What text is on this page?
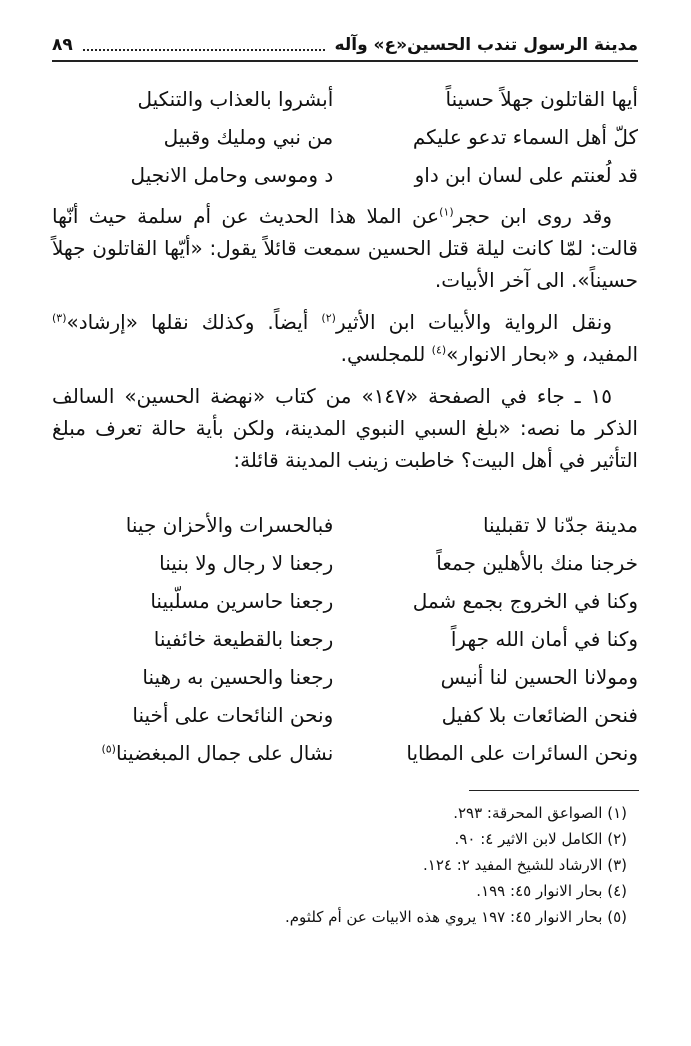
مدينة الرسول تندب الحسين«ع» وآله
٨٩
أيها القاتلون جهلاً حسيناً
أبشروا بالعذاب والتنكيل
كلّ أهل السماء تدعو عليكم
من نبي ومليك وقبيل
قد لُعنتم على لسان ابن داو
د وموسى وحامل الانجيل

وقد روى ابن حجر$^{(١)}$عن الملا هذا الحديث عن أم سلمة حيث أنّها قالت: لمّا كانت ليلة قتل الحسين سمعت قائلاً يقول: «أيّها القاتلون جهلاً حسيناً». الى آخر الأبيات.

ونقل الرواية والأبيات ابن الأثير$^{(٢)}$ أيضاً. وكذلك نقلها «إرشاد»$^{(٣)}$ المفيد، و «بحار الانوار»$^{(٤)}$ للمجلسي.

١٥ ـ جاء في الصفحة «١٤٧» من كتاب «نهضة الحسين» السالف الذكر ما نصه: «بلغ السبي النبوي المدينة، ولكن بأية حالة تعرف مبلغ التأثير في أهل البيت؟ خاطبت زينب المدينة قائلة:

مدينة جدّنا لا تقبلينا
فبالحسرات والأحزان جينا
خرجنا منك بالأهلين جمعاً
رجعنا لا رجال ولا بنينا
وكنا في الخروج بجمع شمل
رجعنا حاسرين مسلّبينا
وكنا في أمان الله جهراً
رجعنا بالقطيعة خائفينا
ومولانا الحسين لنا أنيس
رجعنا والحسين به رهينا
فنحن الضائعات بلا كفيل
ونحن النائحات على أخينا
ونحن السائرات على المطايا
نشال على جمال المبغضينا$^{(٥)}$
(١) الصواعق المحرقة: ٢٩٣.
(٢) الكامل لابن الاثير ٤: ٩٠.
(٣) الارشاد للشيخ المفيد ٢: ١٢٤.
(٤) بحار الانوار ٤٥: ١٩٩.
(٥) بحار الانوار ٤٥: ١٩٧ يروي هذه الابيات عن أم كلثوم.
